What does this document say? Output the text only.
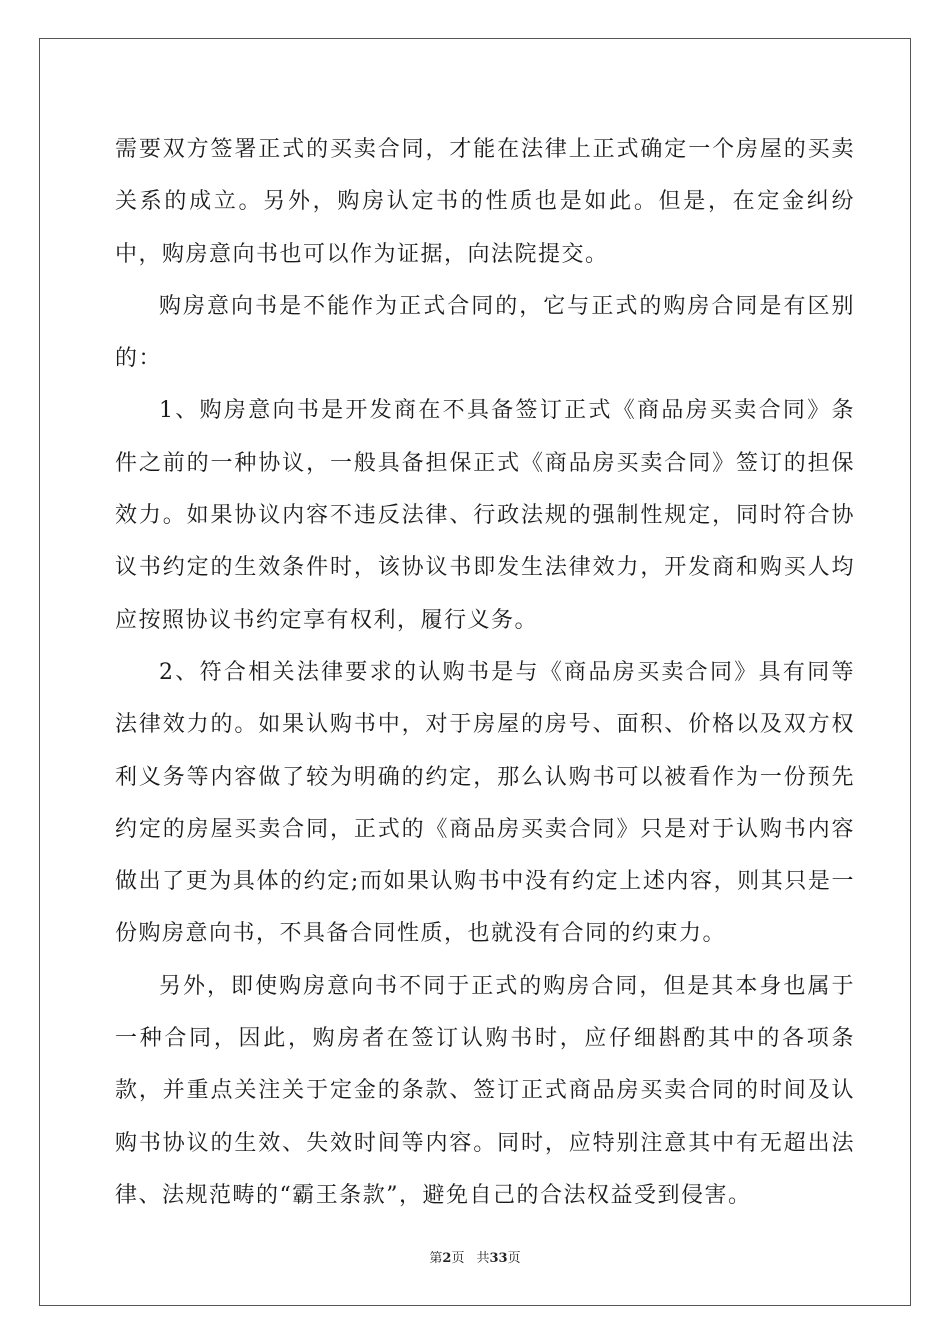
需要双方签署正式的买卖合同，才能在法律上正式确定一个房屋的买卖关系的成立。另外，购房认定书的性质也是如此。但是，在定金纠纷中，购房意向书也可以作为证据，向法院提交。

购房意向书是不能作为正式合同的，它与正式的购房合同是有区别的：

1、购房意向书是开发商在不具备签订正式《商品房买卖合同》条件之前的一种协议，一般具备担保正式《商品房买卖合同》签订的担保效力。如果协议内容不违反法律、行政法规的强制性规定，同时符合协议书约定的生效条件时，该协议书即发生法律效力，开发商和购买人均应按照协议书约定享有权利，履行义务。

2、符合相关法律要求的认购书是与《商品房买卖合同》具有同等法律效力的。如果认购书中，对于房屋的房号、面积、价格以及双方权利义务等内容做了较为明确的约定，那么认购书可以被看作为一份预先约定的房屋买卖合同，正式的《商品房买卖合同》只是对于认购书内容做出了更为具体的约定;而如果认购书中没有约定上述内容，则其只是一份购房意向书，不具备合同性质，也就没有合同的约束力。

另外，即使购房意向书不同于正式的购房合同，但是其本身也属于一种合同，因此，购房者在签订认购书时，应仔细斟酌其中的各项条款，并重点关注关于定金的条款、签订正式商品房买卖合同的时间及认购书协议的生效、失效时间等内容。同时，应特别注意其中有无超出法律、法规范畴的“霸王条款”，避免自己的合法权益受到侵害。

第2页 共33页
